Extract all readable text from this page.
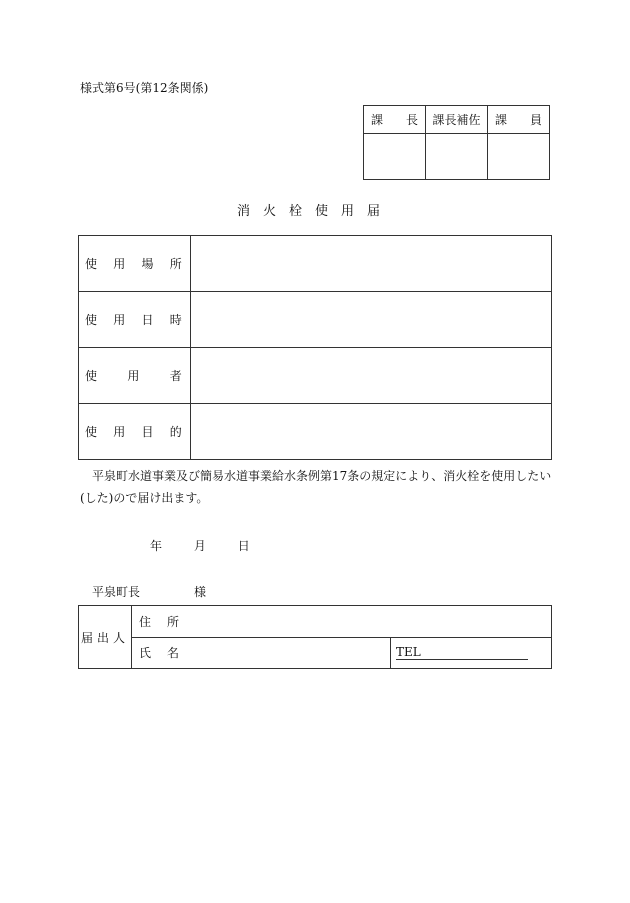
様式第6号(第12条関係)
課 長	課長補佐	課 員

消火栓使用届
使 用 場 所	

使 用 日 時	

使 用 者	

使 用 目 的	

平泉町水道事業及び簡易水道事業給水条例第17条の規定により、消火栓を使用したい(した)ので届け出ます。
年	月	日
平泉町長	様
届出人	住 所	
	氏 名	TEL
